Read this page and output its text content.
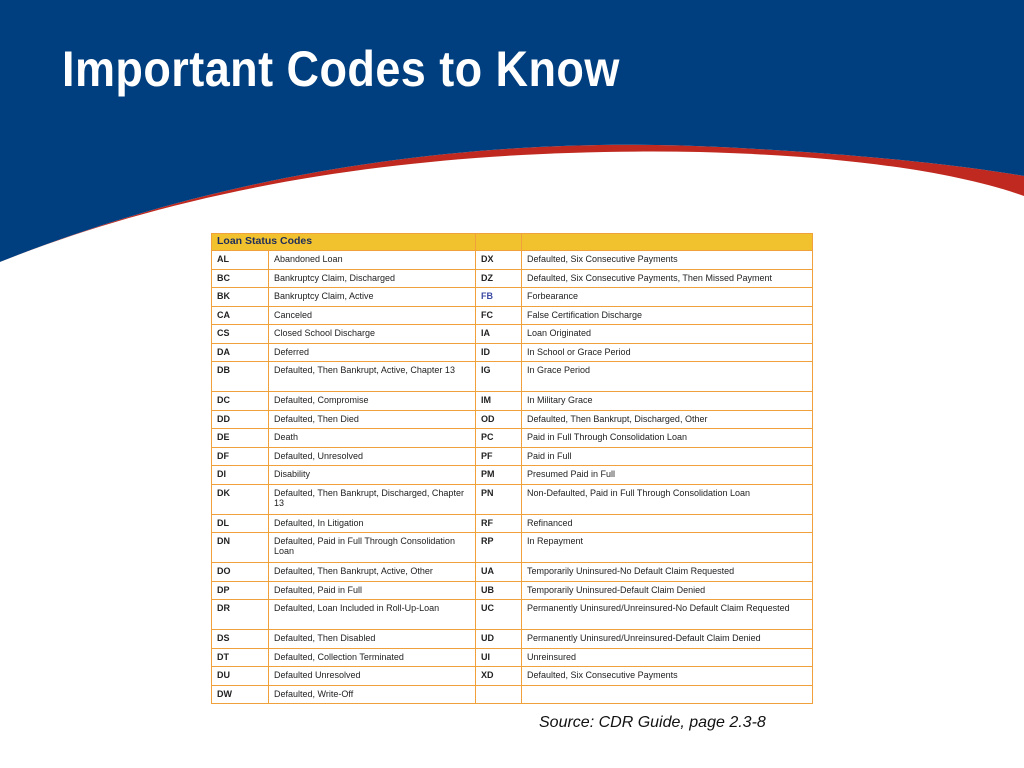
Important Codes to Know
Loan Status Codes			
AL	Abandoned Loan	DX	Defaulted, Six Consecutive Payments
BC	Bankruptcy Claim, Discharged	DZ	Defaulted, Six Consecutive Payments, Then Missed Payment
BK	Bankruptcy Claim, Active	FB	Forbearance
CA	Canceled	FC	False Certification Discharge
CS	Closed School Discharge	IA	Loan Originated
DA	Deferred	ID	In School or Grace Period
DB	Defaulted, Then Bankrupt, Active, Chapter 13	IG	In Grace Period
DC	Defaulted, Compromise	IM	In Military Grace
DD	Defaulted, Then Died	OD	Defaulted, Then Bankrupt, Discharged, Other
DE	Death	PC	Paid in Full Through Consolidation Loan
DF	Defaulted, Unresolved	PF	Paid in Full
DI	Disability	PM	Presumed Paid in Full
DK	Defaulted, Then Bankrupt, Discharged, Chapter 13	PN	Non-Defaulted, Paid in Full Through Consolidation Loan
DL	Defaulted, In Litigation	RF	Refinanced
DN	Defaulted, Paid in Full Through Consolidation Loan	RP	In Repayment
DO	Defaulted, Then Bankrupt, Active, Other	UA	Temporarily Uninsured-No Default Claim Requested
DP	Defaulted, Paid in Full	UB	Temporarily Uninsured-Default Claim Denied
DR	Defaulted, Loan Included in Roll-Up-Loan	UC	Permanently Uninsured/Unreinsured-No Default Claim Requested
DS	Defaulted, Then Disabled	UD	Permanently Uninsured/Unreinsured-Default Claim Denied
DT	Defaulted, Collection Terminated	UI	Unreinsured
DU	Defaulted Unresolved	XD	Defaulted, Six Consecutive Payments
DW	Defaulted, Write-Off		

Source: CDR Guide, page 2.3-8
